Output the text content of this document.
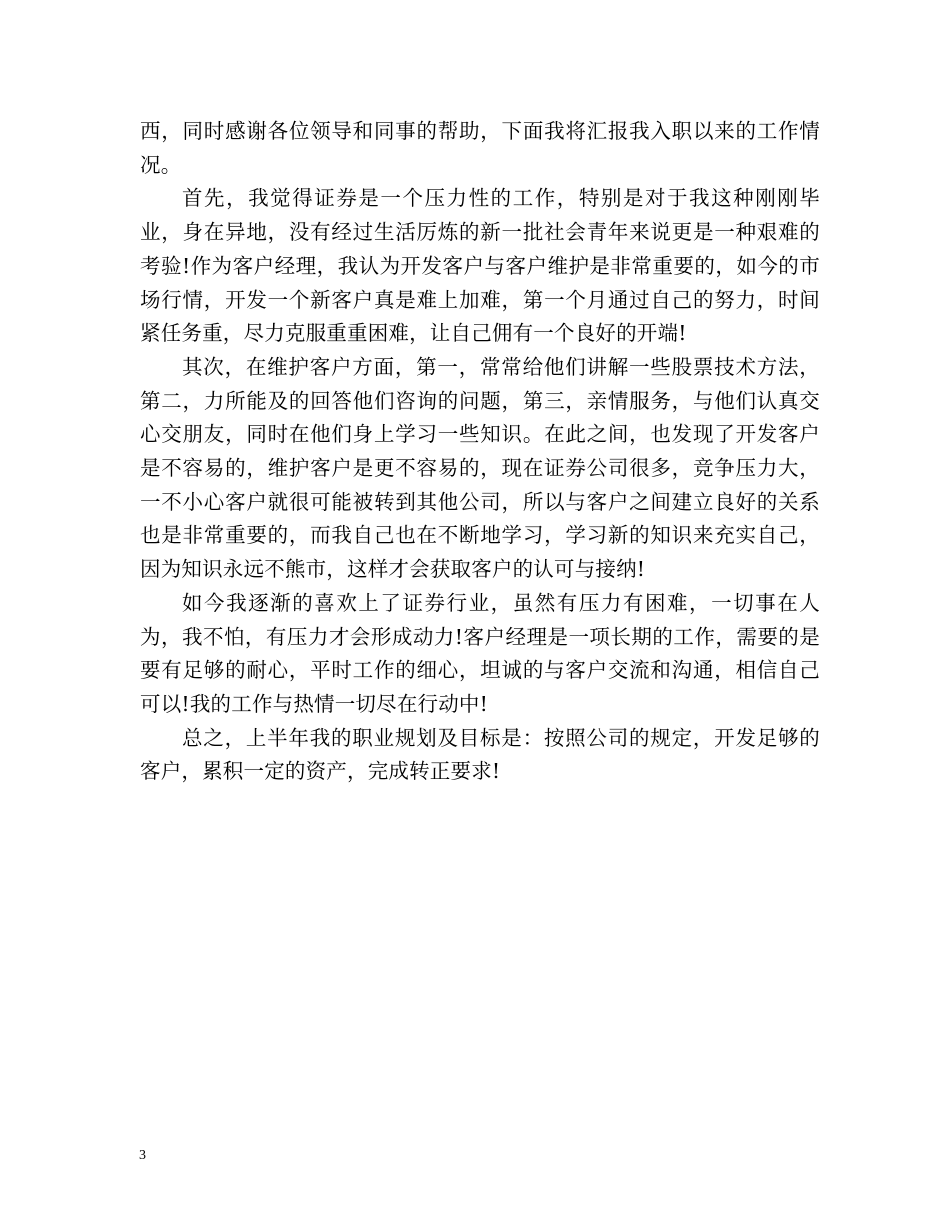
西，同时感谢各位领导和同事的帮助，下面我将汇报我入职以来的工作情况。

首先，我觉得证券是一个压力性的工作，特别是对于我这种刚刚毕业，身在异地，没有经过生活厉炼的新一批社会青年来说更是一种艰难的考验!作为客户经理，我认为开发客户与客户维护是非常重要的，如今的市场行情，开发一个新客户真是难上加难，第一个月通过自己的努力，时间紧任务重，尽力克服重重困难，让自己佣有一个良好的开端!

其次，在维护客户方面，第一，常常给他们讲解一些股票技术方法，第二，力所能及的回答他们咨询的问题，第三，亲情服务，与他们认真交心交朋友，同时在他们身上学习一些知识。在此之间，也发现了开发客户是不容易的，维护客户是更不容易的，现在证券公司很多，竞争压力大，一不小心客户就很可能被转到其他公司，所以与客户之间建立良好的关系也是非常重要的，而我自己也在不断地学习，学习新的知识来充实自己，因为知识永远不熊市，这样才会获取客户的认可与接纳!

如今我逐渐的喜欢上了证券行业，虽然有压力有困难，一切事在人为，我不怕，有压力才会形成动力!客户经理是一项长期的工作，需要的是要有足够的耐心，平时工作的细心，坦诚的与客户交流和沟通，相信自己可以!我的工作与热情一切尽在行动中!

总之，上半年我的职业规划及目标是：按照公司的规定，开发足够的客户，累积一定的资产，完成转正要求!

3
